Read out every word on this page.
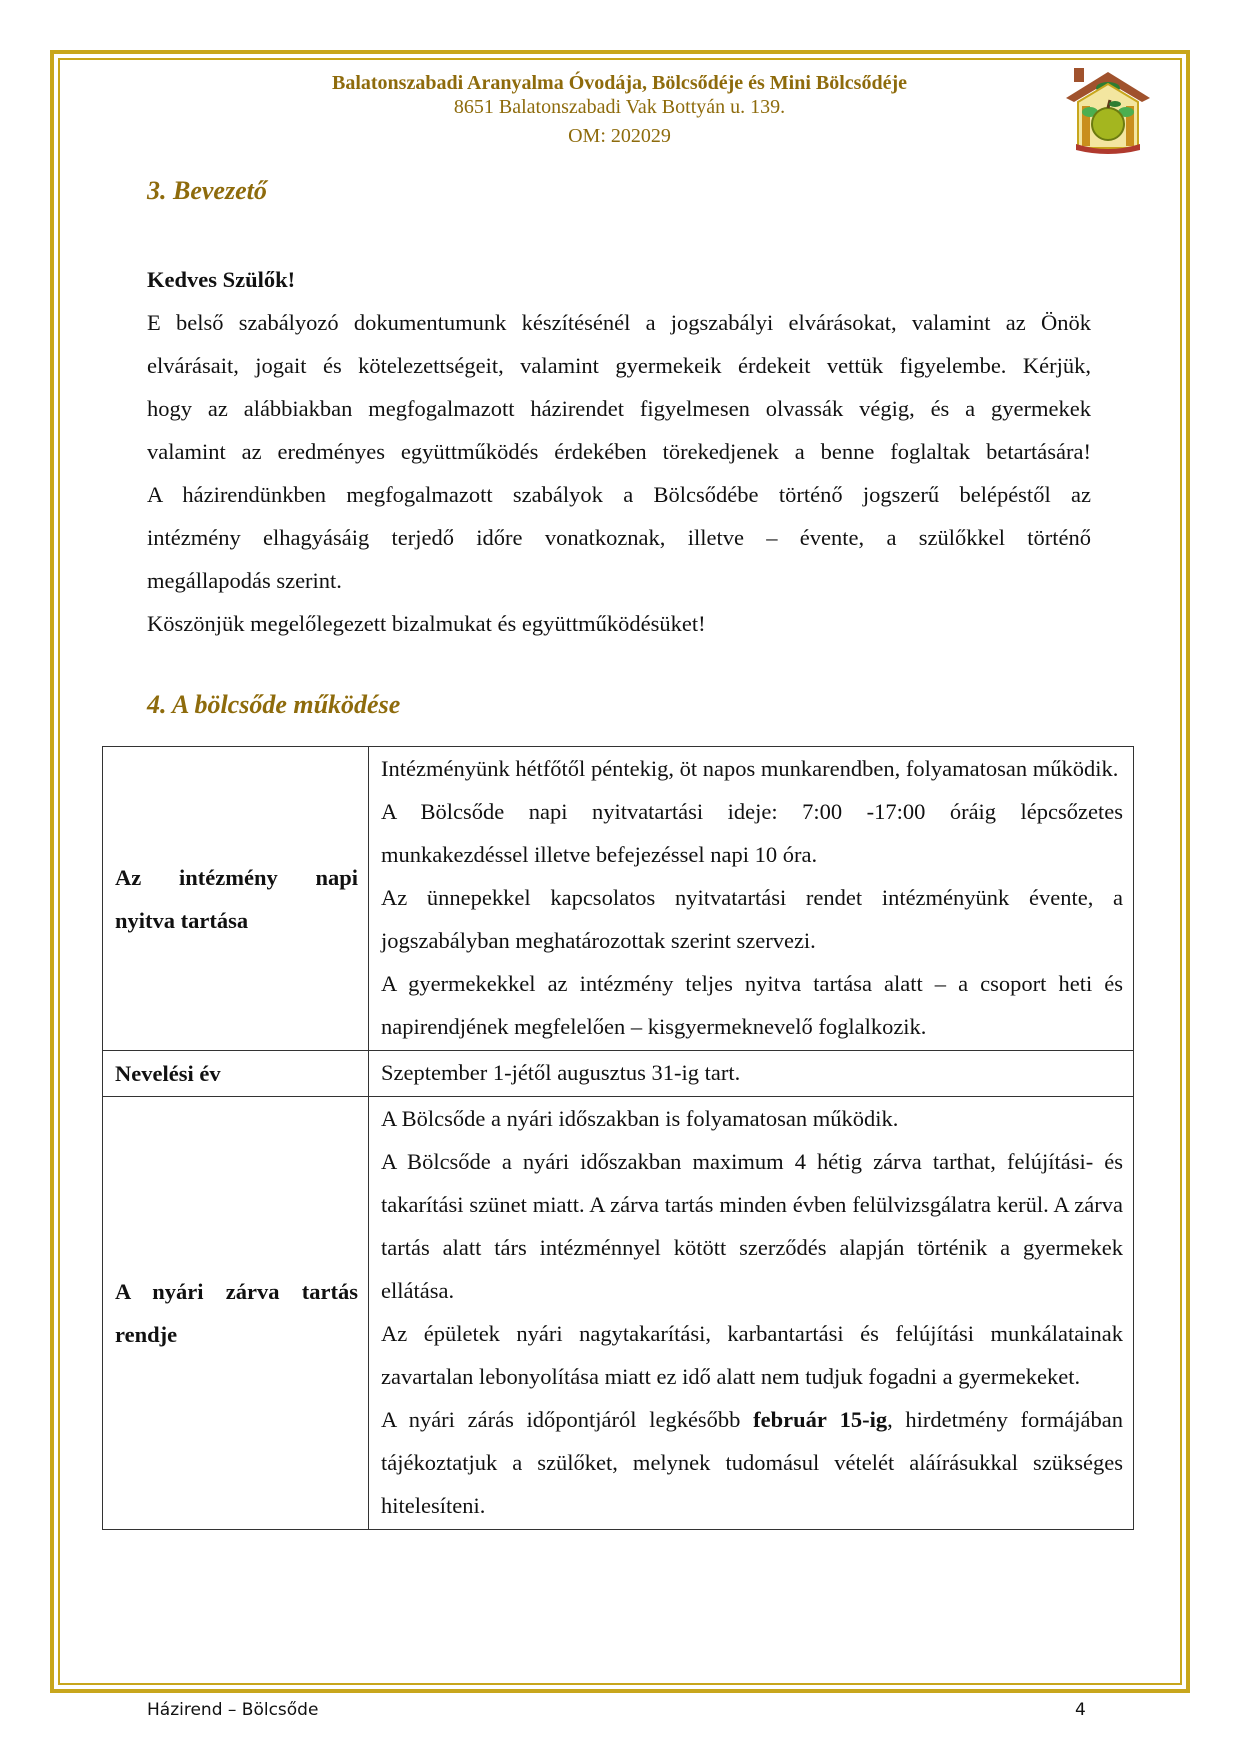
Balatonszabadi Aranyalma Óvodája, Bölcsődéje és Mini Bölcsődéje
8651 Balatonszabadi Vak Bottyán u. 139.
OM: 202029
3. Bevezető

Kedves Szülők!

E belső szabályozó dokumentumunk készítésénél a jogszabályi elvárásokat, valamint az Önök

elvárásait, jogait és kötelezettségeit, valamint gyermekeik érdekeit vettük figyelembe. Kérjük,

hogy az alábbiakban megfogalmazott házirendet figyelmesen olvassák végig, és a gyermekek

valamint az eredményes együttműködés érdekében törekedjenek a benne foglaltak betartására!

A házirendünkben megfogalmazott szabályok a Bölcsődébe történő jogszerű belépéstől az

intézmény elhagyásáig terjedő időre vonatkoznak, illetve – évente, a szülőkkel történő

megállapodás szerint.

Köszönjük megelőlegezett bizalmukat és együttműködésüket!

4. A bölcsőde működése
Az intézmény napi nyitva tartása	Intézményünk hétfőtől péntekig, öt napos munkarendben, folyamatosan működik.

A Bölcsőde napi nyitvatartási ideje: 7:00 -17:00 óráig lépcsőzetes munkakezdéssel illetve befejezéssel napi 10 óra.

Az ünnepekkel kapcsolatos nyitvatartási rendet intézményünk évente, a jogszabályban meghatározottak szerint szervezi.

A gyermekekkel az intézmény teljes nyitva tartása alatt – a csoport heti és napirendjének megfelelően – kisgyermeknevelő foglalkozik.

Nevelési év	Szeptember 1-jétől augusztus 31-ig tart.

A nyári zárva tartás rendje	A Bölcsőde a nyári időszakban is folyamatosan működik.

A Bölcsőde a nyári időszakban maximum 4 hétig zárva tarthat, felújítási- és takarítási szünet miatt. A zárva tartás minden évben felülvizsgálatra kerül. A zárva tartás alatt társ intézménnyel kötött szerződés alapján történik a gyermekek ellátása.

Az épületek nyári nagytakarítási, karbantartási és felújítási munkálatainak zavartalan lebonyolítása miatt ez idő alatt nem tudjuk fogadni a gyermekeket.

A nyári zárás időpontjáról legkésőbb február 15-ig, hirdetmény formájában tájékoztatjuk a szülőket, melynek tudomásul vételét aláírásukkal szükséges hitelesíteni.

Házirend – Bölcsőde	4
